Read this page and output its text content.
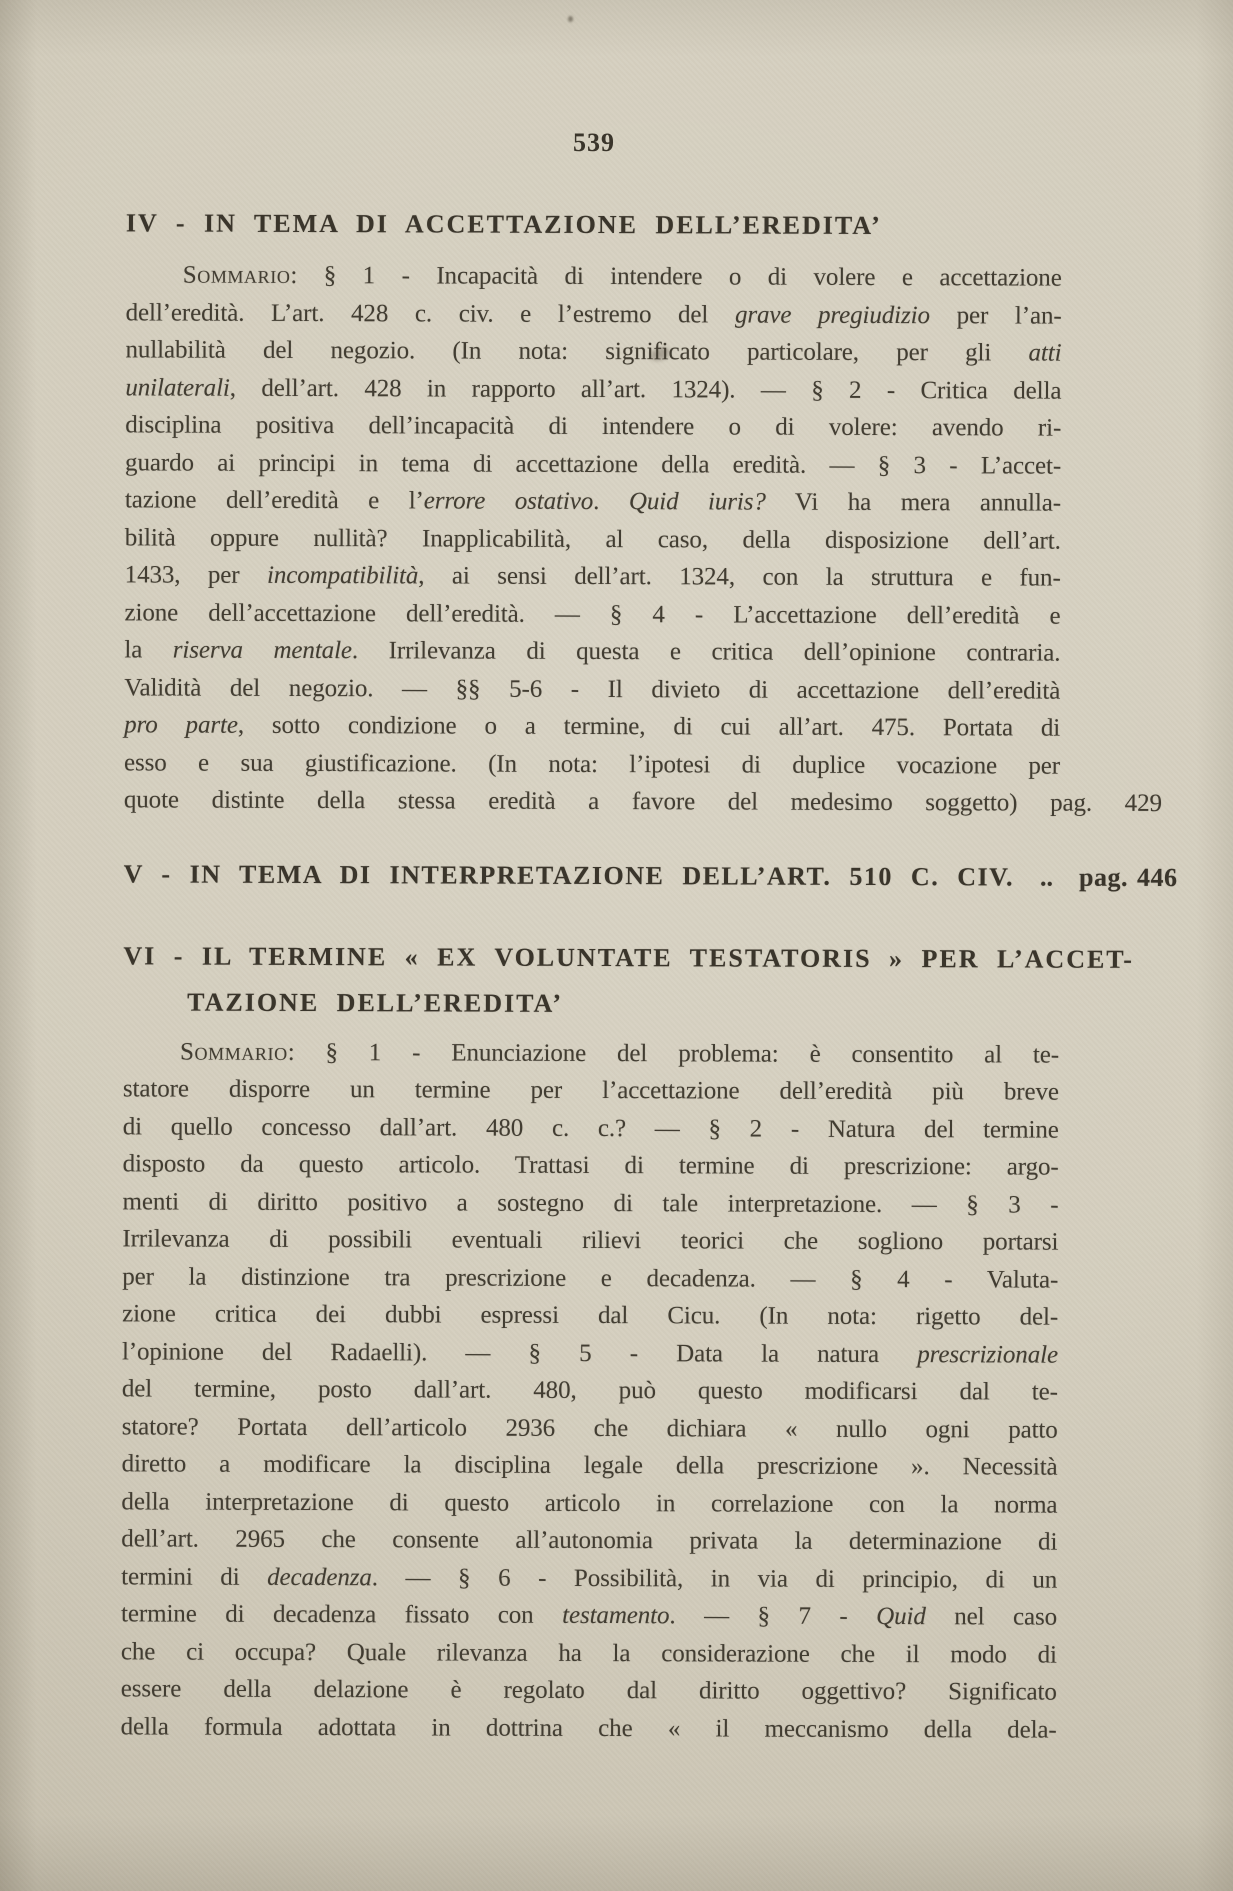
539
IV - IN TEMA DI ACCETTAZIONE DELL’EREDITA’
Sommario: § 1 - Incapacità di intendere o di volere e accettazione
dell’eredità. L’art. 428 c. civ. e l’estremo del grave pregiudizio per l’an-
nullabilità del negozio. (In nota: significato particolare, per gli atti
unilaterali, dell’art. 428 in rapporto all’art. 1324). — § 2 - Critica della
disciplina positiva dell’incapacità di intendere o di volere: avendo ri-
guardo ai principi in tema di accettazione della eredità. — § 3 - L’accet-
tazione dell’eredità e l’errore ostativo. Quid iuris? Vi ha mera annulla-
bilità oppure nullità? Inapplicabilità, al caso, della disposizione dell’art.
1433, per incompatibilità, ai sensi dell’art. 1324, con la struttura e fun-
zione dell’accettazione dell’eredità. — § 4 - L’accettazione dell’eredità e
la riserva mentale. Irrilevanza di questa e critica dell’opinione contraria.
Validità del negozio. — §§ 5-6 - Il divieto di accettazione dell’eredità
pro parte, sotto condizione o a termine, di cui all’art. 475. Portata di
esso e sua giustificazione. (In nota: l’ipotesi di duplice vocazione per
quote distinte della stessa eredità a favore del medesimo soggetto) pag. 429
V - IN TEMA DI INTERPRETAZIONE DELL’ART. 510 C. CIV. . . pag. 446
VI - IL TERMINE « EX VOLUNTATE TESTATORIS » PER L’ACCET-
TAZIONE DELL’EREDITA’
Sommario: § 1 - Enunciazione del problema: è consentito al te-
statore disporre un termine per l’accettazione dell’eredità più breve
di quello concesso dall’art. 480 c. c.? — § 2 - Natura del termine
disposto da questo articolo. Trattasi di termine di prescrizione: argo-
menti di diritto positivo a sostegno di tale interpretazione. — § 3 -
Irrilevanza di possibili eventuali rilievi teorici che sogliono portarsi
per la distinzione tra prescrizione e decadenza. — § 4 - Valuta-
zione critica dei dubbi espressi dal Cicu. (In nota: rigetto del-
l’opinione del Radaelli). — § 5 - Data la natura prescrizionale
del termine, posto dall’art. 480, può questo modificarsi dal te-
statore? Portata dell’articolo 2936 che dichiara « nullo ogni patto
diretto a modificare la disciplina legale della prescrizione ». Necessità
della interpretazione di questo articolo in correlazione con la norma
dell’art. 2965 che consente all’autonomia privata la determinazione di
termini di decadenza. — § 6 - Possibilità, in via di principio, di un
termine di decadenza fissato con testamento. — § 7 - Quid nel caso
che ci occupa? Quale rilevanza ha la considerazione che il modo di
essere della delazione è regolato dal diritto oggettivo? Significato
della formula adottata in dottrina che « il meccanismo della dela-
